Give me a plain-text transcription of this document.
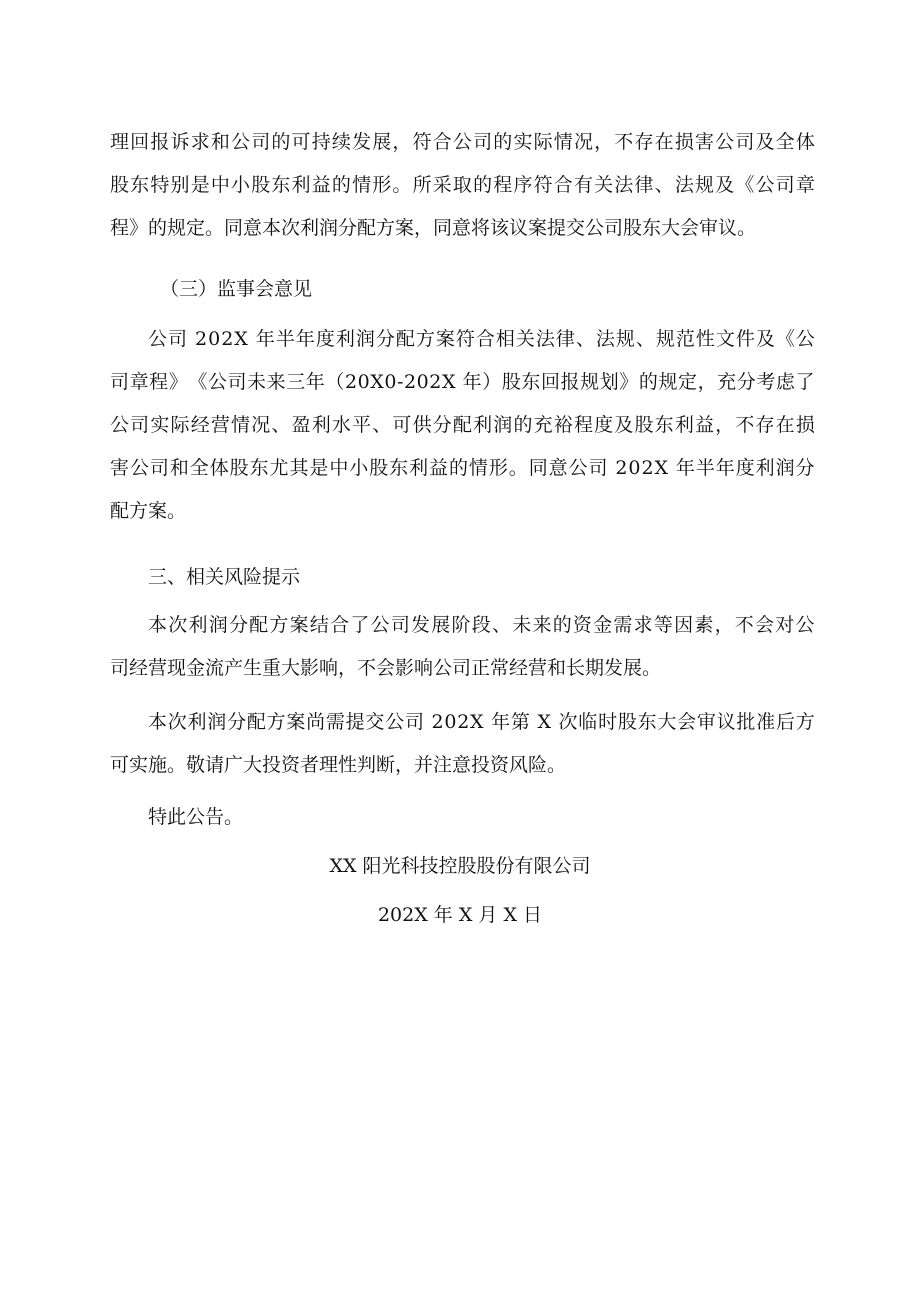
理 回 报 诉 求 和 公 司 的 可 持 续 发 展 ， 符 合 公 司 的 实 际 情 况 ， 不 存 在 损 害 公 司 及 全 体
股 东 特 别 是 中 小 股 东 利 益 的 情 形 。 所 采 取 的 程 序 符 合 有 关 法 律 、 法 规 及 《 公 司 章
程》的规定。同意本次利润分配方案，同意将该议案提交公司股东大会审议。
（三）监事会意见
公 司
2 0 2 X
年 半 年 度 利 润 分 配 方 案 符 合 相 关 法 律 、 法 规 、 规 范 性 文 件 及 《 公
司 章 程 》 《 公 司 未 来 三 年 （ 2 0 X 0 - 2 0 2 X
年 ） 股 东 回 报 规 划 》 的 规 定 ， 充 分 考 虑 了
公 司 实 际 经 营 情 况 、 盈 利 水 平 、 可 供 分 配 利 润 的 充 裕 程 度 及 股 东 利 益 ， 不 存 在 损
害 公 司 和 全 体 股 东 尤 其 是 中 小 股 东 利 益 的 情 形 。 同 意 公 司
2 0 2 X
年 半 年 度 利 润 分
配方案。
三、相关风险提示
本 次 利 润 分 配 方 案 结 合 了 公 司 发 展 阶 段 、 未 来 的 资 金 需 求 等 因 素 ， 不 会 对 公
司经营现金流产生重大影响，不会影响公司正常经营和长期发展。
本 次 利 润 分 配 方 案 尚 需 提 交 公 司
2 0 2 X
年 第
X
次 临 时 股 东 大 会 审 议 批 准 后 方
可实施。敬请广大投资者理性判断，并注意投资风险。
特此公告。
XX 阳光科技控股股份有限公司
202X 年 X 月 X 日
